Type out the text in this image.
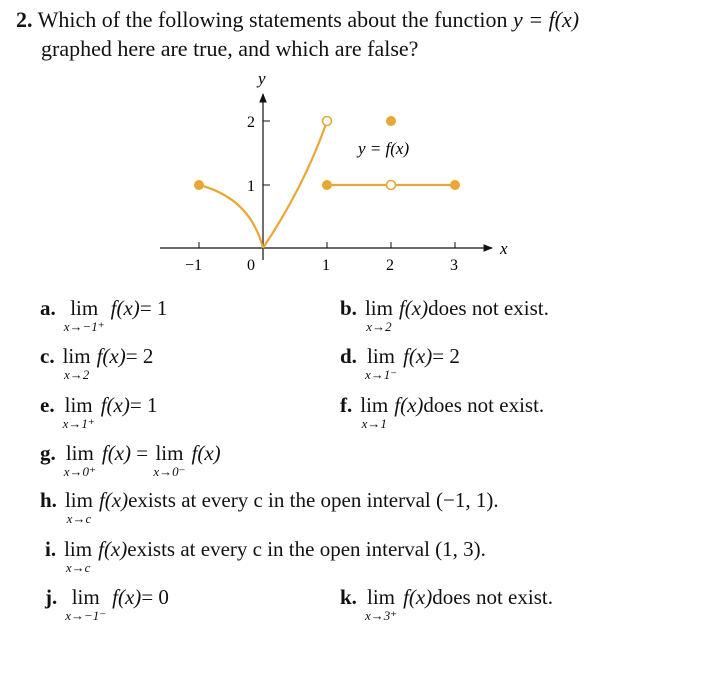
2. Which of the following statements about the function y = f(x)
graphed here are true, and which are false?
x
y
−1	0	1	2	3
1
2
y = f(x)
a. lim
x→−1⁺
f(x)= 1	b. lim
x→2
f(x)does not exist.
c. lim
x→2
f(x)= 2	d. lim
x→1⁻
f(x)= 2
e. lim
x→1⁺
f(x)= 1	f. lim
x→1
f(x)does not exist.
g. lim
x→0⁺
f(x) = lim
x→0⁻
f(x)
h. lim
x→c
f(x)exists at every c in the open interval (−1, 1).
i. lim
x→c
f(x)exists at every c in the open interval (1, 3).
j. lim
x→−1⁻
f(x)= 0	k. lim
x→3⁺
f(x)does not exist.
